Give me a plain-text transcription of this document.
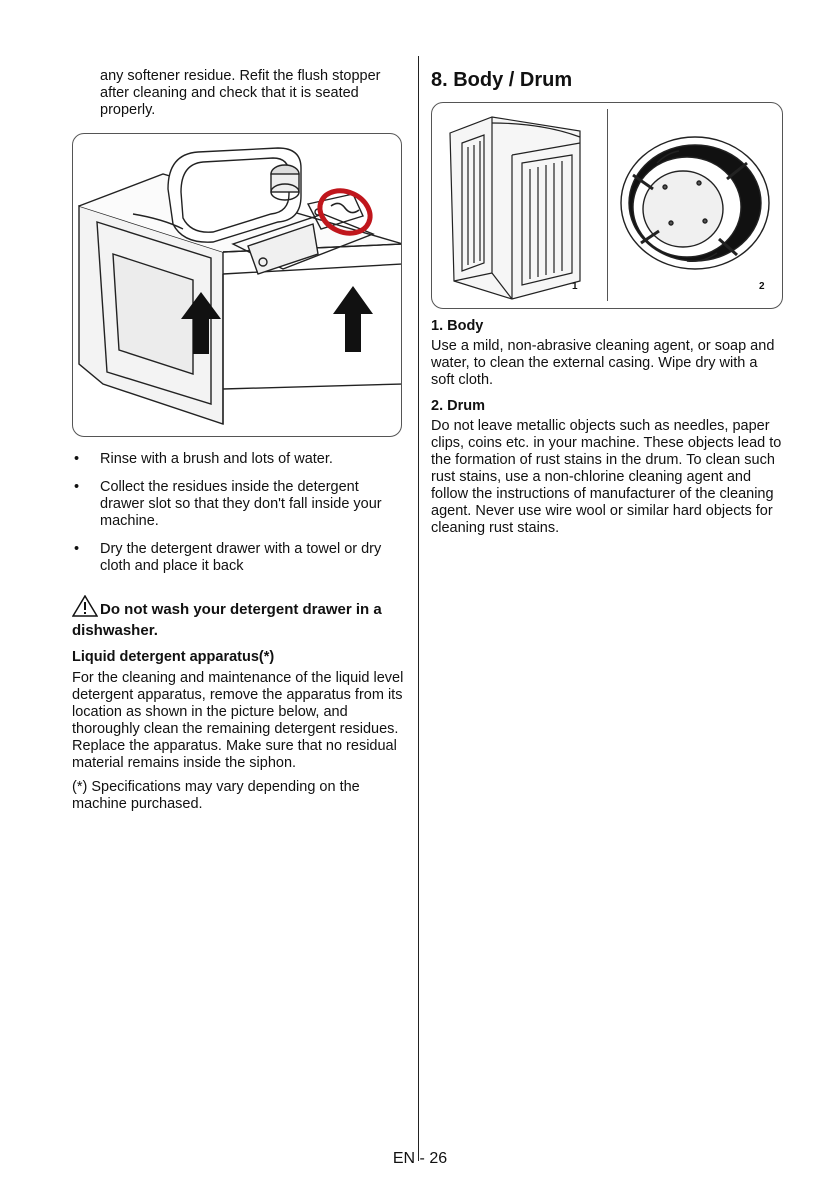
any softener residue. Refit the flush stopper after cleaning and check that it is seated properly.

• Rinse with a brush and lots of water.
• Collect the residues inside the detergent drawer slot so that they don't fall inside your machine.
• Dry the detergent drawer with a towel or dry cloth and place it back

Do not wash your detergent drawer in a dishwasher.

Liquid detergent apparatus(*)

For the cleaning and maintenance of the liquid level detergent apparatus, remove the apparatus from its location as shown in the picture below, and thoroughly clean the remaining detergent residues. Replace the apparatus. Make sure that no residual material remains inside the siphon.

(*) Specifications may vary depending on the machine purchased.

8. Body / Drum
1	2

1. Body

Use a mild, non-abrasive cleaning agent, or soap and water, to clean the external casing. Wipe dry with a soft cloth.

2. Drum

Do not leave metallic objects such as needles, paper clips, coins etc. in your machine. These objects lead to the formation of rust stains in the drum. To clean such rust stains, use a non-chlorine cleaning agent and follow the instructions of manufacturer of the cleaning agent. Never use wire wool or similar hard objects for cleaning rust stains.

EN - 26
